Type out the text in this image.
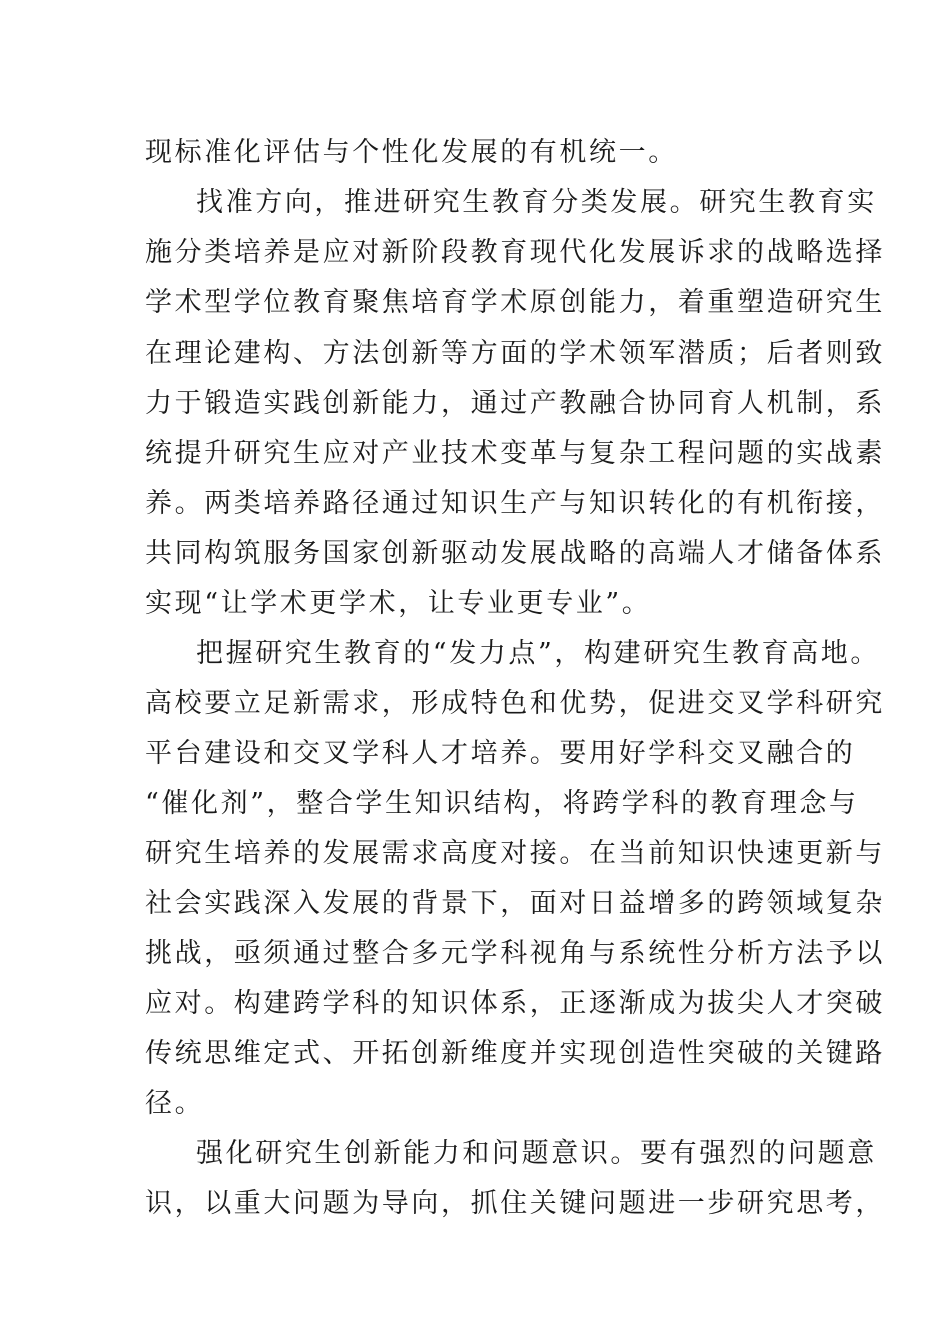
现标准化评估与个性化发展的有机统一。
找准方向，推进研究生教育分类发展。研究生教育实
施分类培养是应对新阶段教育现代化发展诉求的战略选择
学术型学位教育聚焦培育学术原创能力，着重塑造研究生
在理论建构、方法创新等方面的学术领军潜质；后者则致
力于锻造实践创新能力，通过产教融合协同育人机制，系
统提升研究生应对产业技术变革与复杂工程问题的实战素
养。两类培养路径通过知识生产与知识转化的有机衔接，
共同构筑服务国家创新驱动发展战略的高端人才储备体系
实现“让学术更学术，让专业更专业”。
把握研究生教育的“发力点”，构建研究生教育高地。
高校要立足新需求，形成特色和优势，促进交叉学科研究
平台建设和交叉学科人才培养。要用好学科交叉融合的
“催化剂”，整合学生知识结构，将跨学科的教育理念与
研究生培养的发展需求高度对接。在当前知识快速更新与
社会实践深入发展的背景下，面对日益增多的跨领域复杂
挑战，亟须通过整合多元学科视角与系统性分析方法予以
应对。构建跨学科的知识体系，正逐渐成为拔尖人才突破
传统思维定式、开拓创新维度并实现创造性突破的关键路
径。
强化研究生创新能力和问题意识。要有强烈的问题意
识，以重大问题为导向，抓住关键问题进一步研究思考，
